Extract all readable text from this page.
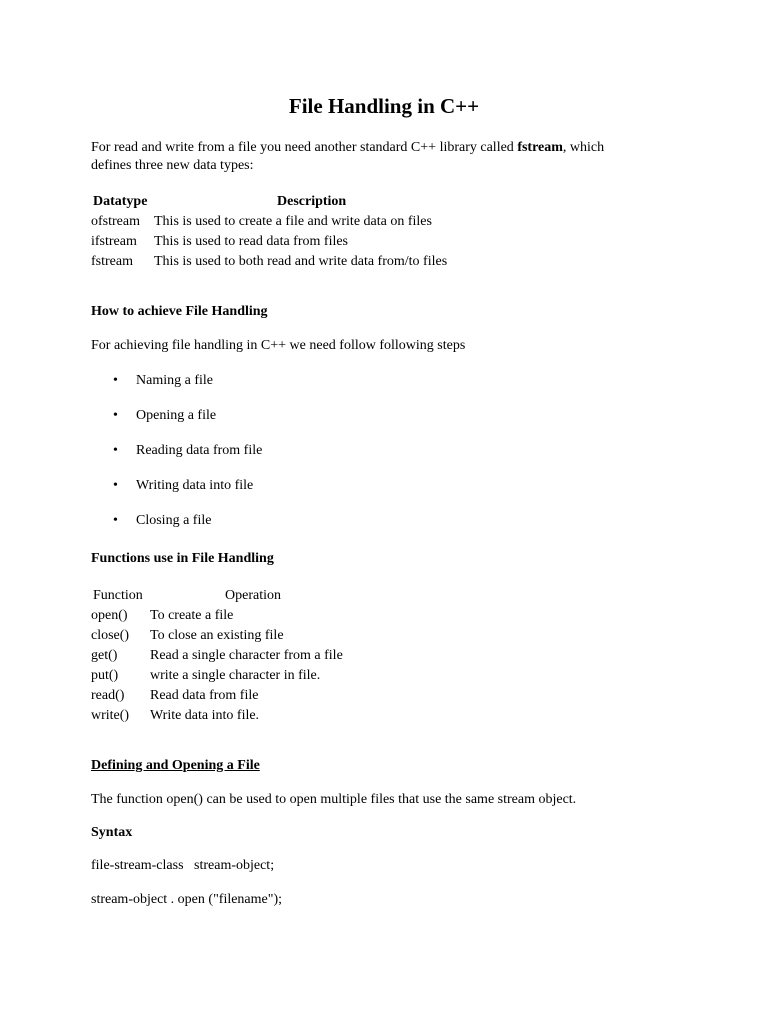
File Handling in C++
For read and write from a file you need another standard C++ library called fstream, which
defines three new data types:
Datatype	Description
ofstream This is used to create a file and write data on files
ifstream This is used to read data from files
fstream This is used to both read and write data from/to files
How to achieve File Handling
For achieving file handling in C++ we need follow following steps
• Naming a file
• Opening a file
• Reading data from file
• Writing data into file
• Closing a file
Functions use in File Handling
Function	Operation
open() To create a file
close() To close an existing file
get() Read a single character from a file
put() write a single character in file.
read() Read data from file
write() Write data into file.
Defining and Opening a File
The function open() can be used to open multiple files that use the same stream object.
Syntax
file-stream-class   stream-object;
stream-object . open ("filename");
